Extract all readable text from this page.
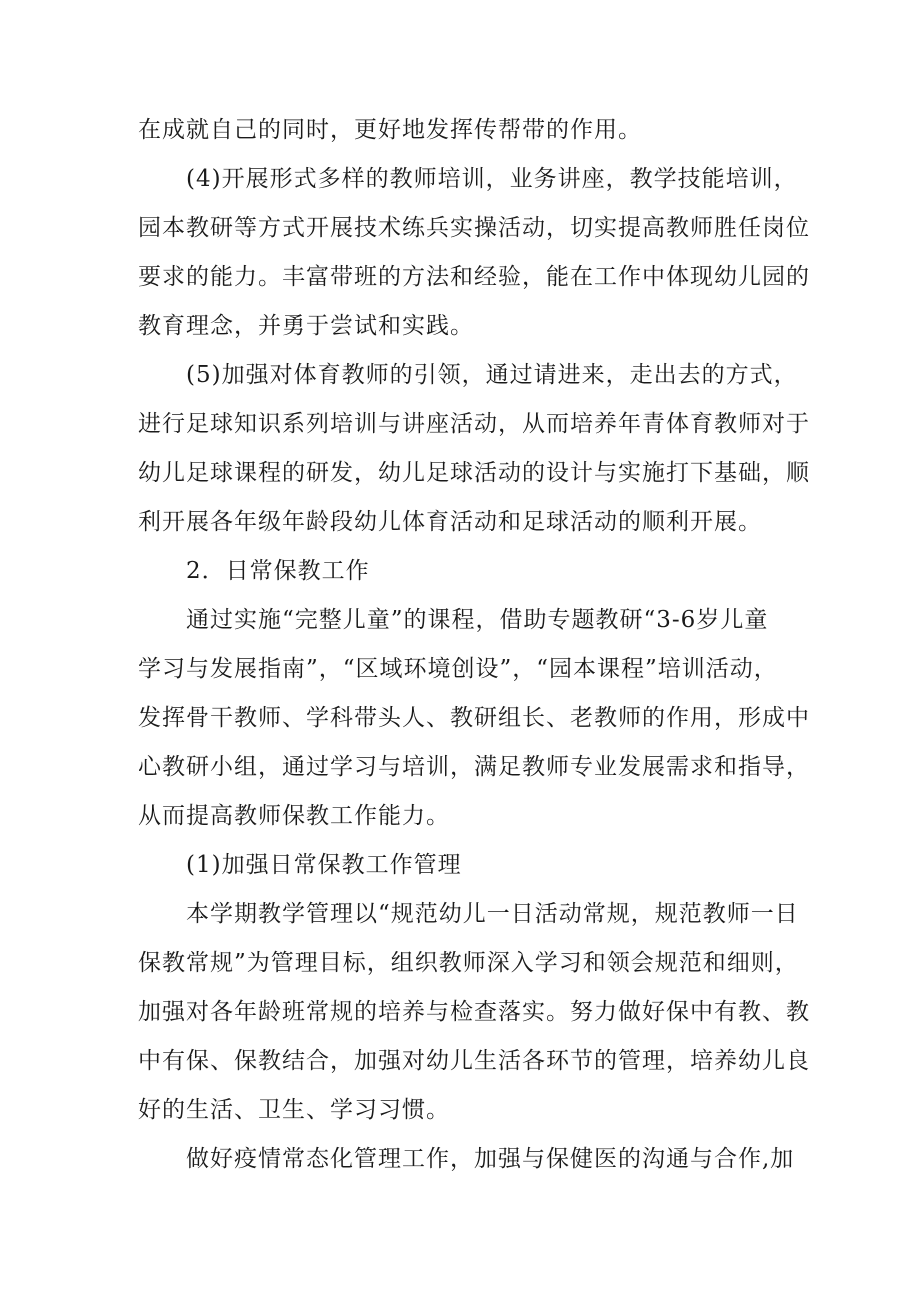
在成就自己的同时，更好地发挥传帮带的作用。
(4)开展形式多样的教师培训，业务讲座，教学技能培训，
园本教研等方式开展技术练兵实操活动，切实提高教师胜任岗位
要求的能力。丰富带班的方法和经验，能在工作中体现幼儿园的
教育理念，并勇于尝试和实践。
(5)加强对体育教师的引领，通过请进来，走出去的方式，
进行足球知识系列培训与讲座活动，从而培养年青体育教师对于
幼儿足球课程的研发，幼儿足球活动的设计与实施打下基础，顺
利开展各年级年龄段幼儿体育活动和足球活动的顺利开展。
2．日常保教工作
通过实施“完整儿童”的课程，借助专题教研“3-6岁儿童
学习与发展指南”，“区域环境创设”，“园本课程”培训活动，
发挥骨干教师、学科带头人、教研组长、老教师的作用，形成中
心教研小组，通过学习与培训，满足教师专业发展需求和指导，
从而提高教师保教工作能力。
(1)加强日常保教工作管理
本学期教学管理以“规范幼儿一日活动常规，规范教师一日
保教常规”为管理目标，组织教师深入学习和领会规范和细则，
加强对各年龄班常规的培养与检查落实。努力做好保中有教、教
中有保、保教结合，加强对幼儿生活各环节的管理，培养幼儿良
好的生活、卫生、学习习惯。
做好疫情常态化管理工作，加强与保健医的沟通与合作,加
